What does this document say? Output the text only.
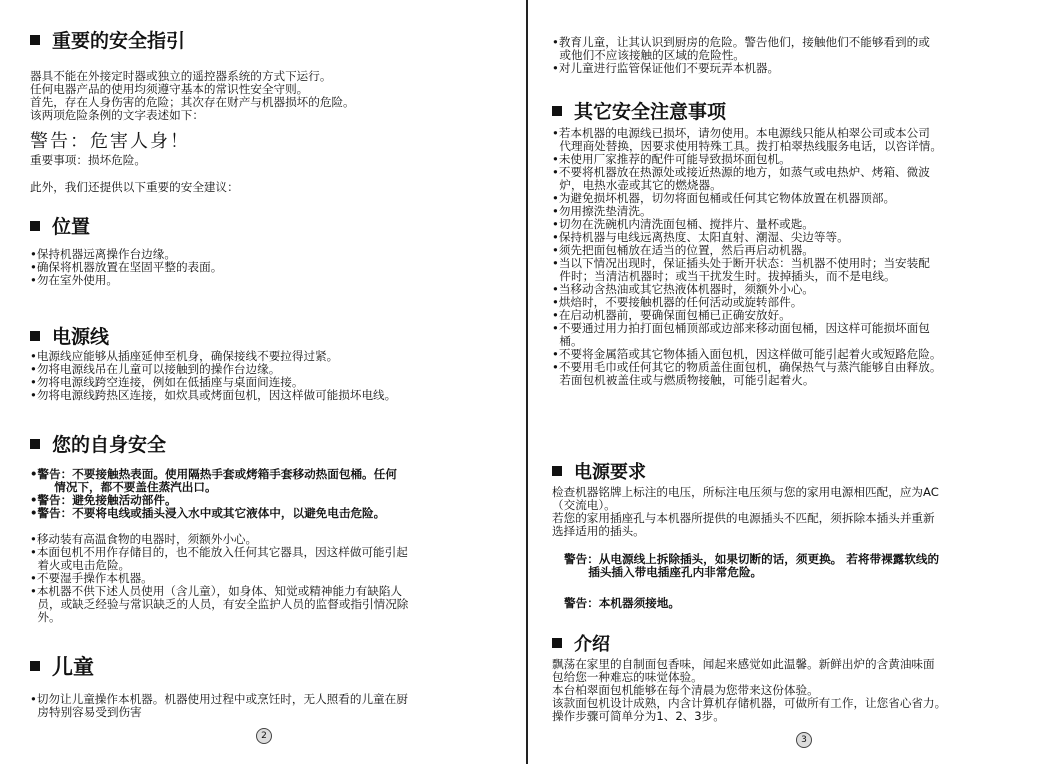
重要的安全指引

器具不能在外接定时器或独立的遥控器系统的方式下运行。
任何电器产品的使用均须遵守基本的常识性安全守则。
首先，存在人身伤害的危险；其次存在财产与机器损坏的危险。
该两项危险条例的文字表述如下：

警告：危害人身！

重要事项：损坏危险。

此外，我们还提供以下重要的安全建议：

位置

•保持机器远离操作台边缘。
•确保将机器放置在坚固平整的表面。
•勿在室外使用。

电源线

•电源线应能够从插座延伸至机身，确保接线不要拉得过紧。
•勿将电源线吊在儿童可以接触到的操作台边缘。
•勿将电源线跨空连接，例如在低插座与桌面间连接。
•勿将电源线跨热区连接，如炊具或烤面包机，因这样做可能损坏电线。

您的自身安全

•警告：不要接触热表面。使用隔热手套或烤箱手套移动热面包桶。任何
情况下，都不要盖住蒸汽出口。
•警告：避免接触活动部件。
•警告：不要将电线或插头浸入水中或其它液体中，以避免电击危险。

•移动装有高温食物的电器时，须额外小心。
•本面包机不用作存储目的，也不能放入任何其它器具，因这样做可能引起
着火或电击危险。
•不要湿手操作本机器。
•本机器不供下述人员使用（含儿童），如身体、知觉或精神能力有缺陷人
员，或缺乏经验与常识缺乏的人员，有安全监护人员的监督或指引情况除
外。

儿童

•切勿让儿童操作本机器。机器使用过程中或烹饪时，无人照看的儿童在厨
房特别容易受到伤害

2

•教育儿童，让其认识到厨房的危险。警告他们，接触他们不能够看到的或
或他们不应该接触的区域的危险性。
•对儿童进行监管保证他们不要玩弄本机器。

其它安全注意事项

•若本机器的电源线已损坏，请勿使用。本电源线只能从柏翠公司或本公司
代理商处替换，因要求使用特殊工具。拨打柏翠热线服务电话，以咨详情。
•未使用厂家推荐的配件可能导致损坏面包机。
•不要将机器放在热源处或接近热源的地方，如蒸气或电热炉、烤箱、微波
炉，电热水壶或其它的燃烧器。
•为避免损坏机器，切勿将面包桶或任何其它物体放置在机器顶部。
•勿用擦洗垫清洗。
•切勿在洗碗机内清洗面包桶、搅拌片、量杯或匙。
•保持机器与电线远离热度、太阳直射、潮湿、尖边等等。
•须先把面包桶放在适当的位置，然后再启动机器。
•当以下情况出现时，保证插头处于断开状态：当机器不使用时；当安装配
件时；当清洁机器时；或当干扰发生时。拔掉插头，而不是电线。
•当移动含热油或其它热液体机器时，须额外小心。
•烘焙时，不要接触机器的任何活动或旋转部件。
•在启动机器前，要确保面包桶已正确安放好。
•不要通过用力拍打面包桶顶部或边部来移动面包桶，因这样可能损坏面包
桶。
•不要将金属箔或其它物体插入面包机，因这样做可能引起着火或短路危险。
•不要用毛巾或任何其它的物质盖住面包机，确保热气与蒸汽能够自由释放。
若面包机被盖住或与燃质物接触，可能引起着火。

电源要求

检查机器铭牌上标注的电压，所标注电压须与您的家用电源相匹配，应为AC
（交流电）。
若您的家用插座孔与本机器所提供的电源插头不匹配，须拆除本插头并重新
选择适用的插头。

警告：从电源线上拆除插头，如果切断的话，须更换。 若将带裸露软线的
插头插入带电插座孔内非常危险。

警告：本机器须接地。

介绍

飘荡在家里的自制面包香味，闻起来感觉如此温馨。新鲜出炉的含黄油味面
包给您一种难忘的味觉体验。
本台柏翠面包机能够在每个清晨为您带来这份体验。
该款面包机设计成熟，内含计算机存储机器，可做所有工作，让您省心省力。
操作步骤可简单分为1、2、3步。

3
